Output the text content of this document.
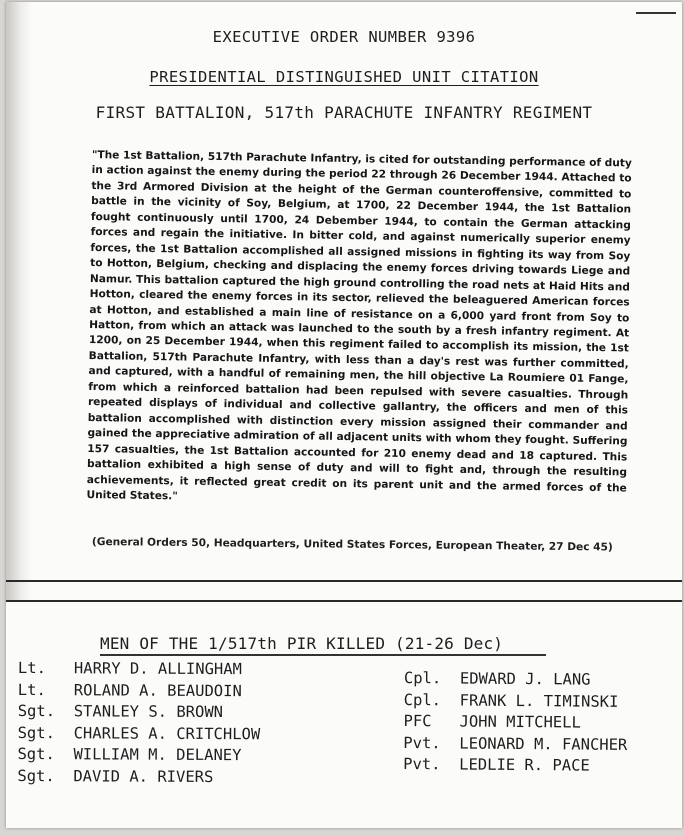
EXECUTIVE ORDER NUMBER 9396
PRESIDENTIAL DISTINGUISHED UNIT CITATION
FIRST BATTALION, 517th PARACHUTE INFANTRY REGIMENT
"The 1st Battalion, 517th Parachute Infantry, is cited for outstanding performance of duty in action against the enemy during the period 22 through 26 December 1944. Attached to the 3rd Armored Division at the height of the German counteroffensive, committed to battle in the vicinity of Soy, Belgium, at 1700, 22 December 1944, the 1st Battalion fought continuously until 1700, 24 Debember 1944, to contain the German attacking forces and regain the initiative. In bitter cold, and against numerically superior enemy forces, the 1st Battalion accomplished all assigned missions in fighting its way from Soy to Hotton, Belgium, checking and displacing the enemy forces driving towards Liege and Namur. This battalion captured the high ground controlling the road nets at Haid Hits and Hotton, cleared the enemy forces in its sector, relieved the beleaguered American forces at Hotton, and established a main line of resistance on a 6,000 yard front from Soy to Hatton, from which an attack was launched to the south by a fresh infantry regiment. At 1200, on 25 December 1944, when this regiment failed to accomplish its mission, the 1st Battalion, 517th Parachute Infantry, with less than a day's rest was further committed, and captured, with a handful of remaining men, the hill objective La Roumiere 01 Fange, from which a reinforced battalion had been repulsed with severe casualties. Through repeated displays of individual and collective gallantry, the officers and men of this battalion accomplished with distinction every mission assigned their commander and gained the appreciative admiration of all adjacent units with whom they fought. Suffering 157 casualties, the 1st Battalion accounted for 210 enemy dead and 18 captured. This battalion exhibited a high sense of duty and will to fight and, through the resulting achievements, it reflected great credit on its parent unit and the armed forces of the United States."
(General Orders 50, Headquarters, United States Forces, European Theater, 27 Dec 45)
MEN OF THE 1/517th PIR KILLED (21-26 Dec)
Lt. HARRY D. ALLINGHAM
Lt. ROLAND A. BEAUDOIN
Sgt. STANLEY S. BROWN
Sgt. CHARLES A. CRITCHLOW
Sgt. WILLIAM M. DELANEY
Sgt. DAVID A. RIVERS
Cpl. EDWARD J. LANG
Cpl. FRANK L. TIMINSKI
PFC JOHN MITCHELL
Pvt. LEONARD M. FANCHER
Pvt. LEDLIE R. PACE
